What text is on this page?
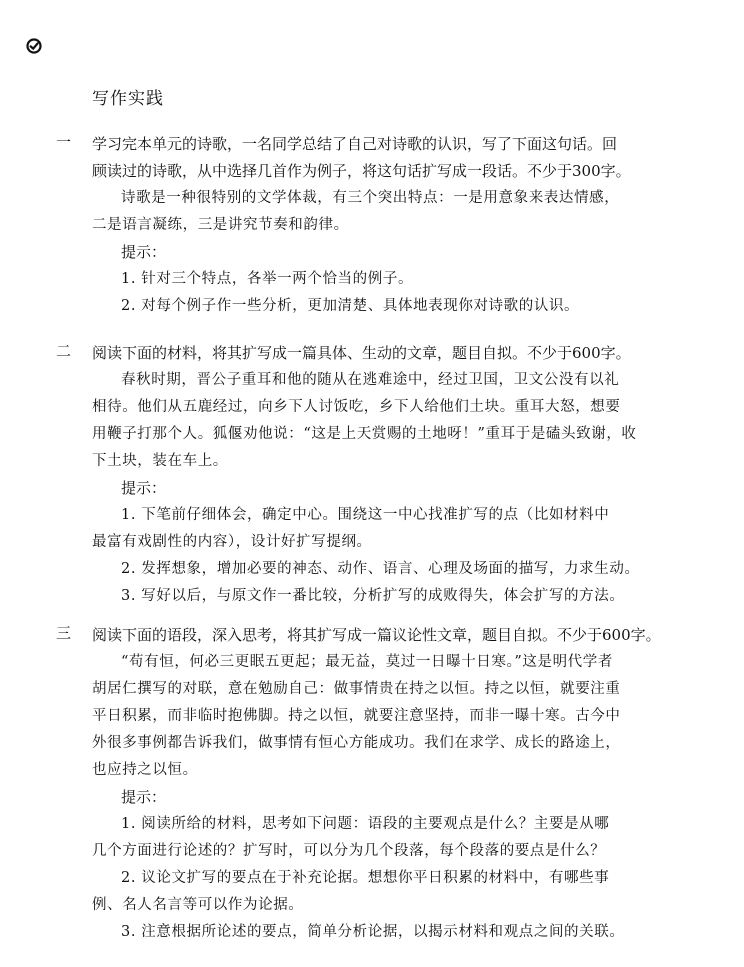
写作实践
一 学习完本单元的诗歌，一名同学总结了自己对诗歌的认识，写了下面这句话。回
顾读过的诗歌，从中选择几首作为例子，将这句话扩写成一段话。不少于300字。
诗歌是一种很特别的文学体裁，有三个突出特点：一是用意象来表达情感，
二是语言凝练，三是讲究节奏和韵律。
提示：
1. 针对三个特点，各举一两个恰当的例子。
2. 对每个例子作一些分析，更加清楚、具体地表现你对诗歌的认识。
二 阅读下面的材料，将其扩写成一篇具体、生动的文章，题目自拟。不少于600字。
春秋时期，晋公子重耳和他的随从在逃难途中，经过卫国，卫文公没有以礼
相待。他们从五鹿经过，向乡下人讨饭吃，乡下人给他们土块。重耳大怒，想要
用鞭子打那个人。狐偃劝他说：“这是上天赏赐的土地呀！”重耳于是磕头致谢，收
下土块，装在车上。
提示：
1. 下笔前仔细体会，确定中心。围绕这一中心找准扩写的点（比如材料中
最富有戏剧性的内容），设计好扩写提纲。
2. 发挥想象，增加必要的神态、动作、语言、心理及场面的描写，力求生动。
3. 写好以后，与原文作一番比较，分析扩写的成败得失，体会扩写的方法。
三 阅读下面的语段，深入思考，将其扩写成一篇议论性文章，题目自拟。不少于600字。
“苟有恒，何必三更眠五更起；最无益，莫过一日曝十日寒。”这是明代学者
胡居仁撰写的对联，意在勉励自己：做事情贵在持之以恒。持之以恒，就要注重
平日积累，而非临时抱佛脚。持之以恒，就要注意坚持，而非一曝十寒。古今中
外很多事例都告诉我们，做事情有恒心方能成功。我们在求学、成长的路途上，
也应持之以恒。
提示：
1. 阅读所给的材料，思考如下问题：语段的主要观点是什么？主要是从哪
几个方面进行论述的？扩写时，可以分为几个段落，每个段落的要点是什么？
2. 议论文扩写的要点在于补充论据。想想你平日积累的材料中，有哪些事
例、名人名言等可以作为论据。
3. 注意根据所论述的要点，简单分析论据，以揭示材料和观点之间的关联。
